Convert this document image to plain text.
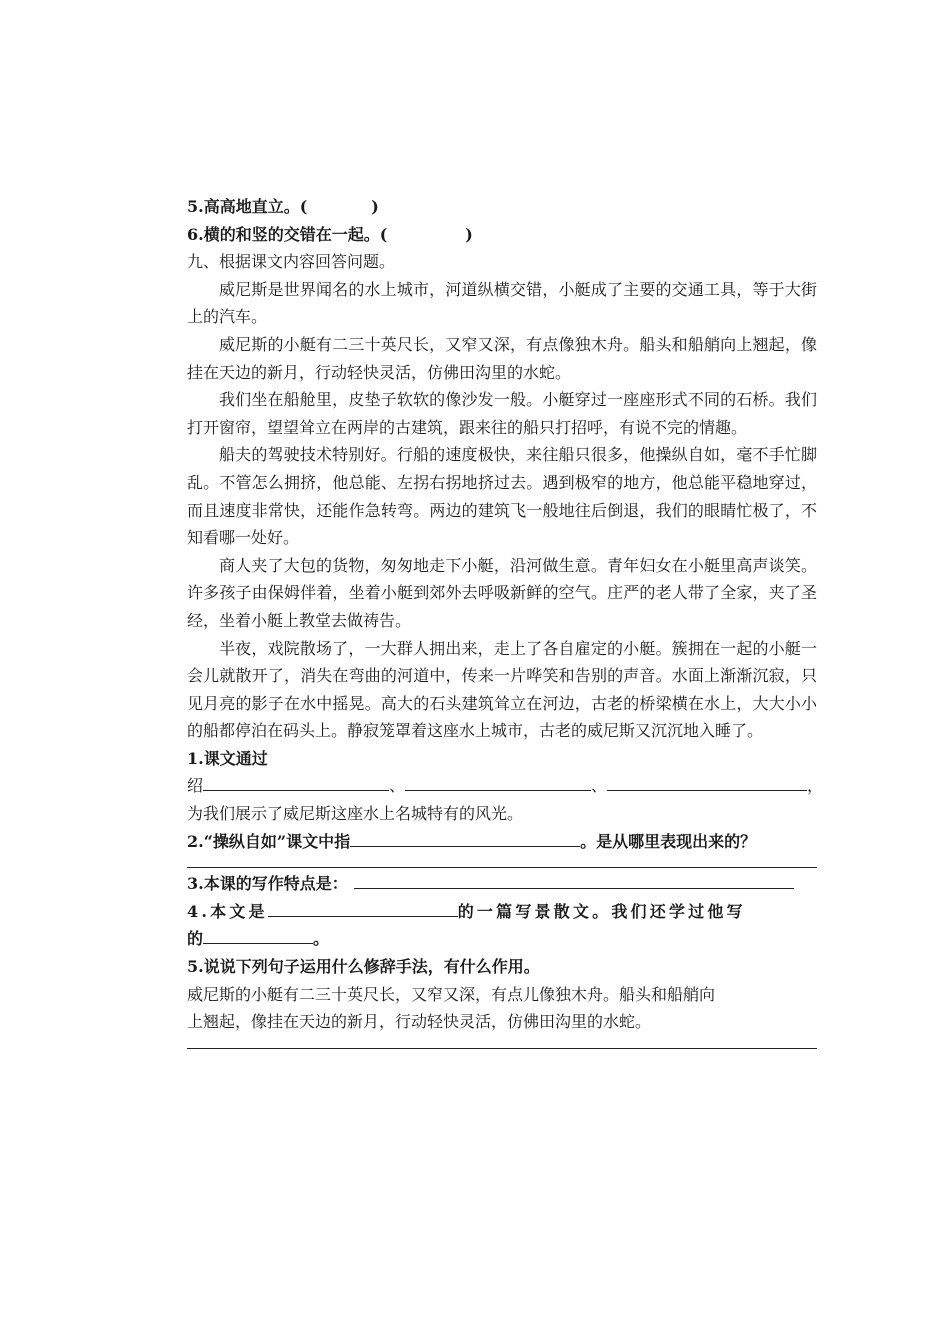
5.高高地直立。(	)
6.横的和竖的交错在一起。(	)
九、根据课文内容回答问题。
威尼斯是世界闻名的水上城市，河道纵横交错，小艇成了主要的交通工具，等于大街上的汽车。
威尼斯的小艇有二三十英尺长，又窄又深，有点像独木舟。船头和船艄向上翘起，像挂在天边的新月，行动轻快灵活，仿佛田沟里的水蛇。
我们坐在船舱里，皮垫子软软的像沙发一般。小艇穿过一座座形式不同的石桥。我们打开窗帘，望望耸立在两岸的古建筑，跟来往的船只打招呼，有说不完的情趣。
船夫的驾驶技术特别好。行船的速度极快，来往船只很多，他操纵自如，毫不手忙脚乱。不管怎么拥挤，他总能、左拐右拐地挤过去。遇到极窄的地方，他总能平稳地穿过，而且速度非常快，还能作急转弯。两边的建筑飞一般地往后倒退，我们的眼睛忙极了，不知看哪一处好。
商人夹了大包的货物，匆匆地走下小艇，沿河做生意。青年妇女在小艇里高声谈笑。许多孩子由保姆伴着，坐着小艇到郊外去呼吸新鲜的空气。庄严的老人带了全家，夹了圣经，坐着小艇上教堂去做祷告。
半夜，戏院散场了，一大群人拥出来，走上了各自雇定的小艇。簇拥在一起的小艇一会儿就散开了，消失在弯曲的河道中，传来一片哗笑和告别的声音。水面上渐渐沉寂，只见月亮的影子在水中摇晃。高大的石头建筑耸立在河边，古老的桥梁横在水上，大大小小的船都停泊在码头上。静寂笼罩着这座水上城市，古老的威尼斯又沉沉地入睡了。
1.课文通过
绍	、	、	，
为我们展示了威尼斯这座水上名城特有的风光。
2.“操纵自如”课文中指	。是从哪里表现出来的？
3.本课的写作特点是：
4.本文是	的一篇写景散文。我们还学过他写
的	。
5.说说下列句子运用什么修辞手法，有什么作用。
威尼斯的小艇有二三十英尺长，又窄又深，有点儿像独木舟。船头和船艄向
上翘起，像挂在天边的新月，行动轻快灵活，仿佛田沟里的水蛇。
